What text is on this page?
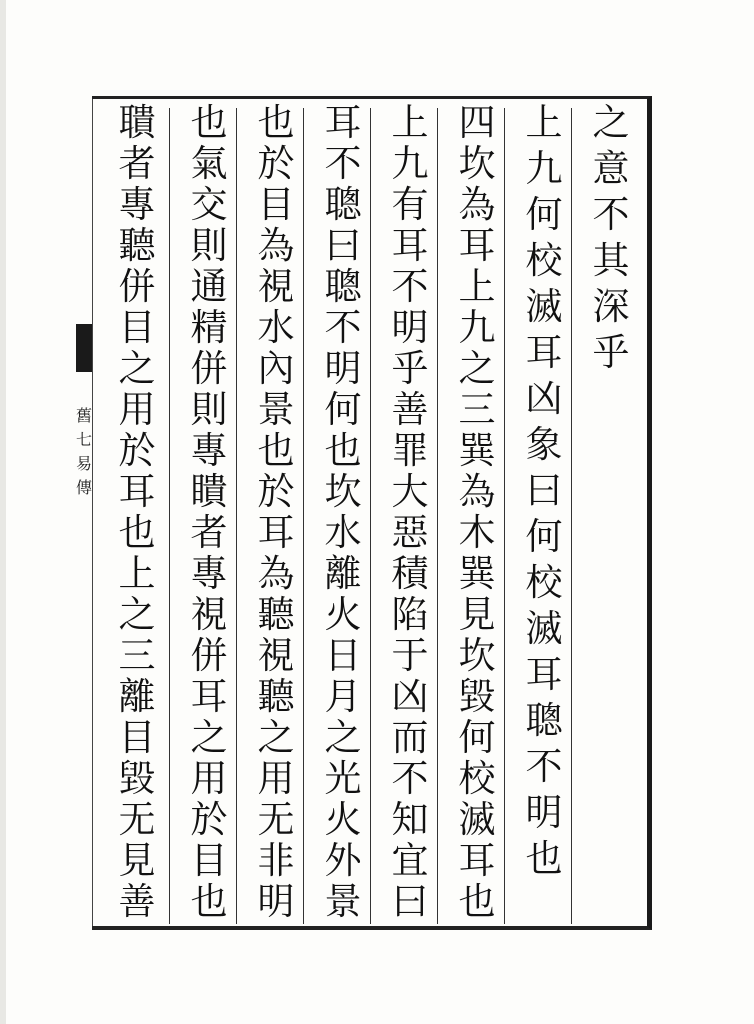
舊
七
易
傳
之
意
不
其
深
乎
上
九
何
校
滅
耳
凶
象
曰
何
校
滅
耳
聰
不
明
也
四
坎
為
耳
上
九
之
三
巽
為
木
巽
見
坎
毀
何
校
滅
耳
也
上
九
有
耳
不
明
乎
善
罪
大
惡
積
陷
于
凶
而
不
知
宜
曰
耳
不
聰
曰
聰
不
明
何
也
坎
水
離
火
日
月
之
光
火
外
景
也
於
目
為
視
水
內
景
也
於
耳
為
聽
視
聽
之
用
无
非
明
也
氣
交
則
通
精
併
則
專
瞶
者
專
視
併
耳
之
用
於
目
也
聵
者
專
聽
併
目
之
用
於
耳
也
上
之
三
離
目
毀
无
見
善
